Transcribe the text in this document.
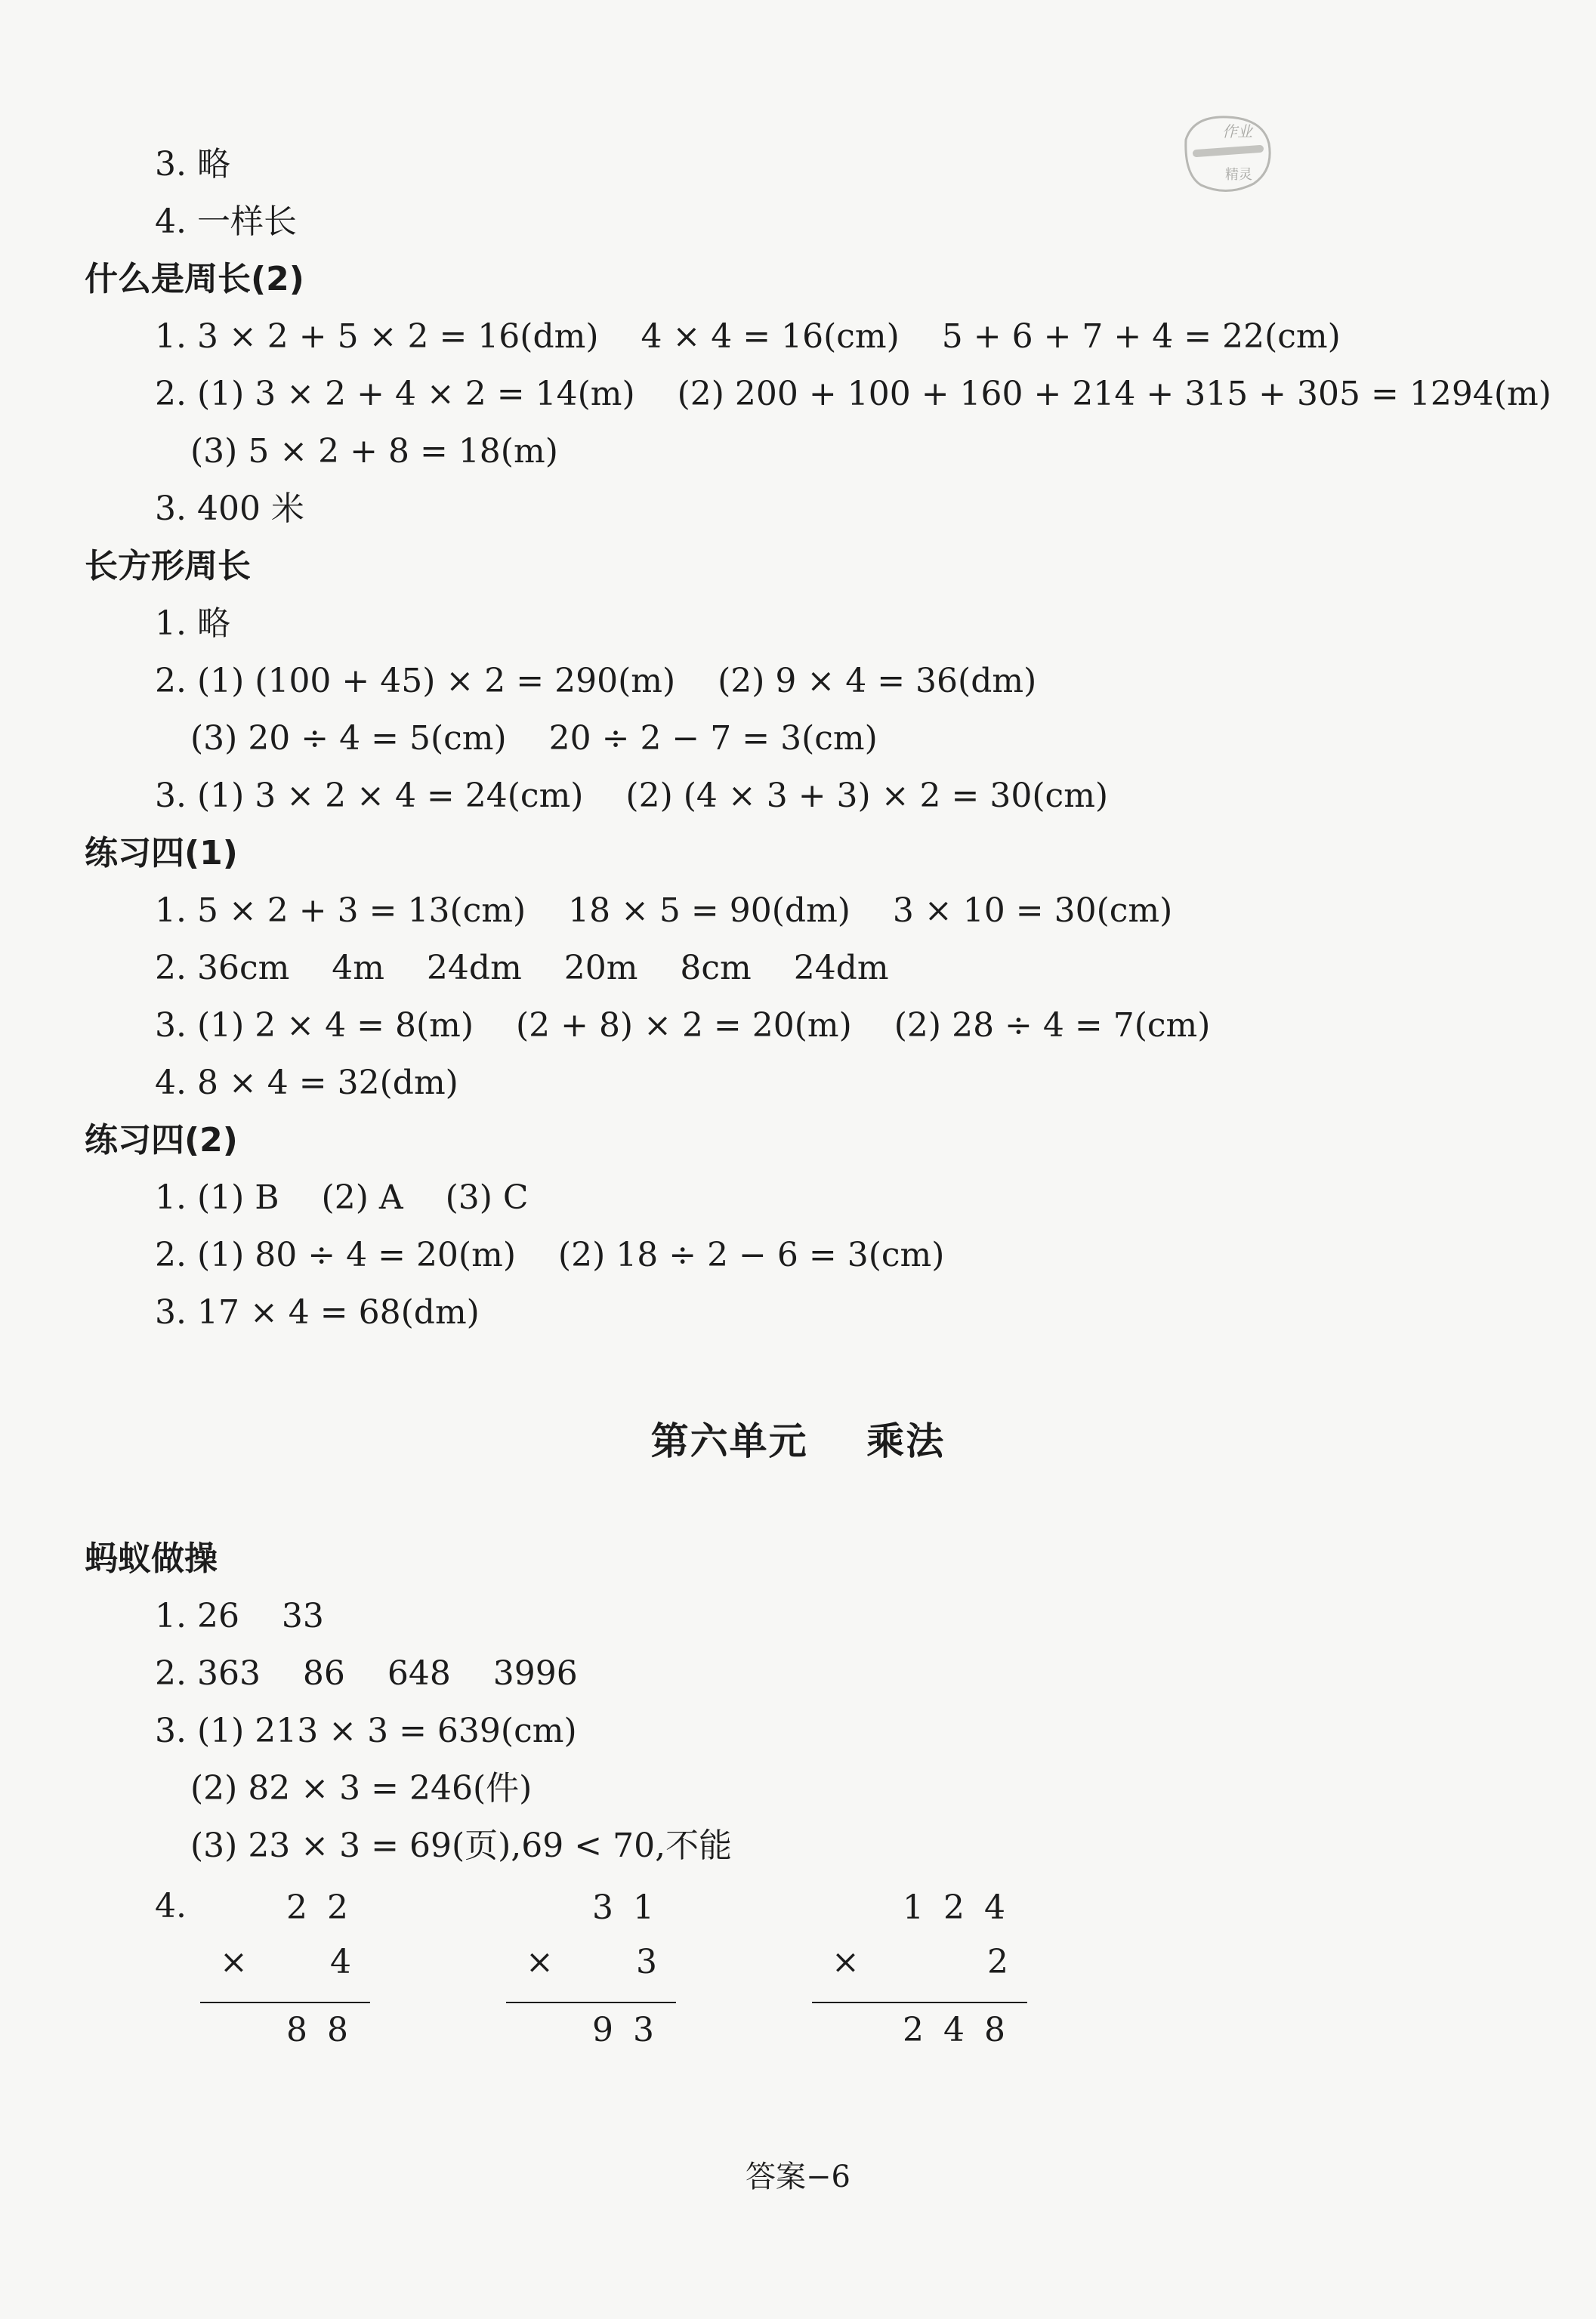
作业
精灵
3. 略
4. 一样长
什么是周长(2)
1. 3 × 2 + 5 × 2 = 16(dm)    4 × 4 = 16(cm)    5 + 6 + 7 + 4 = 22(cm)
2. (1) 3 × 2 + 4 × 2 = 14(m)    (2) 200 + 100 + 160 + 214 + 315 + 305 = 1294(m)
(3) 5 × 2 + 8 = 18(m)
3. 400 米
长方形周长
1. 略
2. (1) (100 + 45) × 2 = 290(m)    (2) 9 × 4 = 36(dm)
(3) 20 ÷ 4 = 5(cm)    20 ÷ 2 − 7 = 3(cm)
3. (1) 3 × 2 × 4 = 24(cm)    (2) (4 × 3 + 3) × 2 = 30(cm)
练习四(1)
1. 5 × 2 + 3 = 13(cm)    18 × 5 = 90(dm)    3 × 10 = 30(cm)
2. 36cm    4m    24dm    20m    8cm    24dm
3. (1) 2 × 4 = 8(m)    (2 + 8) × 2 = 20(m)    (2) 28 ÷ 4 = 7(cm)
4. 8 × 4 = 32(dm)
练习四(2)
1. (1) B    (2) A    (3) C
2. (1) 80 ÷ 4 = 20(m)    (2) 18 ÷ 2 − 6 = 3(cm)
3. 17 × 4 = 68(dm)
第六单元    乘法
蚂蚁做操
1. 26    33
2. 363    86    648    3996
3. (1) 213 × 3 = 639(cm)
(2) 82 × 3 = 246(件)
(3) 23 × 3 = 69(页),69 < 70,不能
4.	2 2
× 4
8 8
3 1
× 3
9 3
1 2 4
×	2
2 4 8
答案−6
